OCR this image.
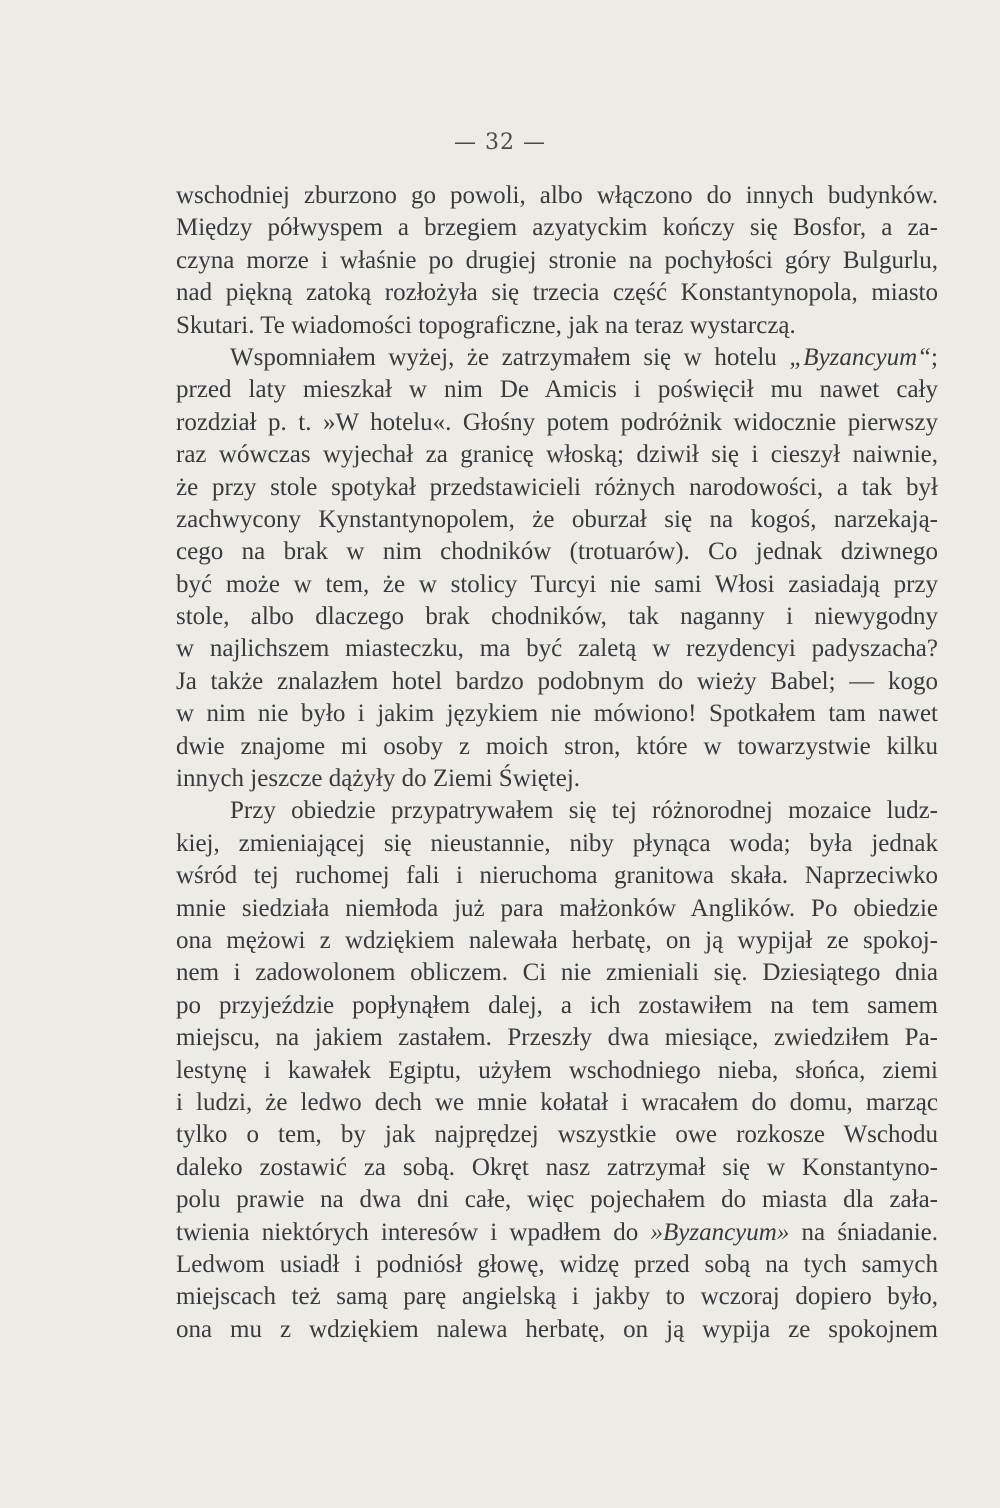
— 32 —
wschodniej zburzono go powoli, albo włączono do innych budynków.
Między półwyspem a brzegiem azyatyckim kończy się Bosfor, a za-
czyna morze i właśnie po drugiej stronie na pochyłości góry Bulgurlu,
nad piękną zatoką rozłożyła się trzecia część Konstantynopola, miasto
Skutari. Te wiadomości topograficzne, jak na teraz wystarczą.
Wspomniałem wyżej, że zatrzymałem się w hotelu „Byzancyum“;
przed laty mieszkał w nim De Amicis i poświęcił mu nawet cały
rozdział p. t. »W hotelu«. Głośny potem podróżnik widocznie pierwszy
raz wówczas wyjechał za granicę włoską; dziwił się i cieszył naiwnie,
że przy stole spotykał przedstawicieli różnych narodowości, a tak był
zachwycony Kynstantynopolem, że oburzał się na kogoś, narzekają-
cego na brak w nim chodników (trotuarów). Co jednak dziwnego
być może w tem, że w stolicy Turcyi nie sami Włosi zasiadają przy
stole, albo dlaczego brak chodników, tak naganny i niewygodny
w najlichszem miasteczku, ma być zaletą w rezydencyi padyszacha?
Ja także znalazłem hotel bardzo podobnym do wieży Babel; — kogo
w nim nie było i jakim językiem nie mówiono! Spotkałem tam nawet
dwie znajome mi osoby z moich stron, które w towarzystwie kilku
innych jeszcze dążyły do Ziemi Świętej.
Przy obiedzie przypatrywałem się tej różnorodnej mozaice ludz-
kiej, zmieniającej się nieustannie, niby płynąca woda; była jednak
wśród tej ruchomej fali i nieruchoma granitowa skała. Naprzeciwko
mnie siedziała niemłoda już para małżonków Anglików. Po obiedzie
ona mężowi z wdziękiem nalewała herbatę, on ją wypijał ze spokoj-
nem i zadowolonem obliczem. Ci nie zmieniali się. Dziesiątego dnia
po przyjeździe popłynąłem dalej, a ich zostawiłem na tem samem
miejscu, na jakiem zastałem. Przeszły dwa miesiące, zwiedziłem Pa-
lestynę i kawałek Egiptu, użyłem wschodniego nieba, słońca, ziemi
i ludzi, że ledwo dech we mnie kołatał i wracałem do domu, marząc
tylko o tem, by jak najprędzej wszystkie owe rozkosze Wschodu
daleko zostawić za sobą. Okręt nasz zatrzymał się w Konstantyno-
polu prawie na dwa dni całe, więc pojechałem do miasta dla zała-
twienia niektórych interesów i wpadłem do »Byzancyum» na śniadanie.
Ledwom usiadł i podniósł głowę, widzę przed sobą na tych samych
miejscach też samą parę angielską i jakby to wczoraj dopiero było,
ona mu z wdziękiem nalewa herbatę, on ją wypija ze spokojnem
